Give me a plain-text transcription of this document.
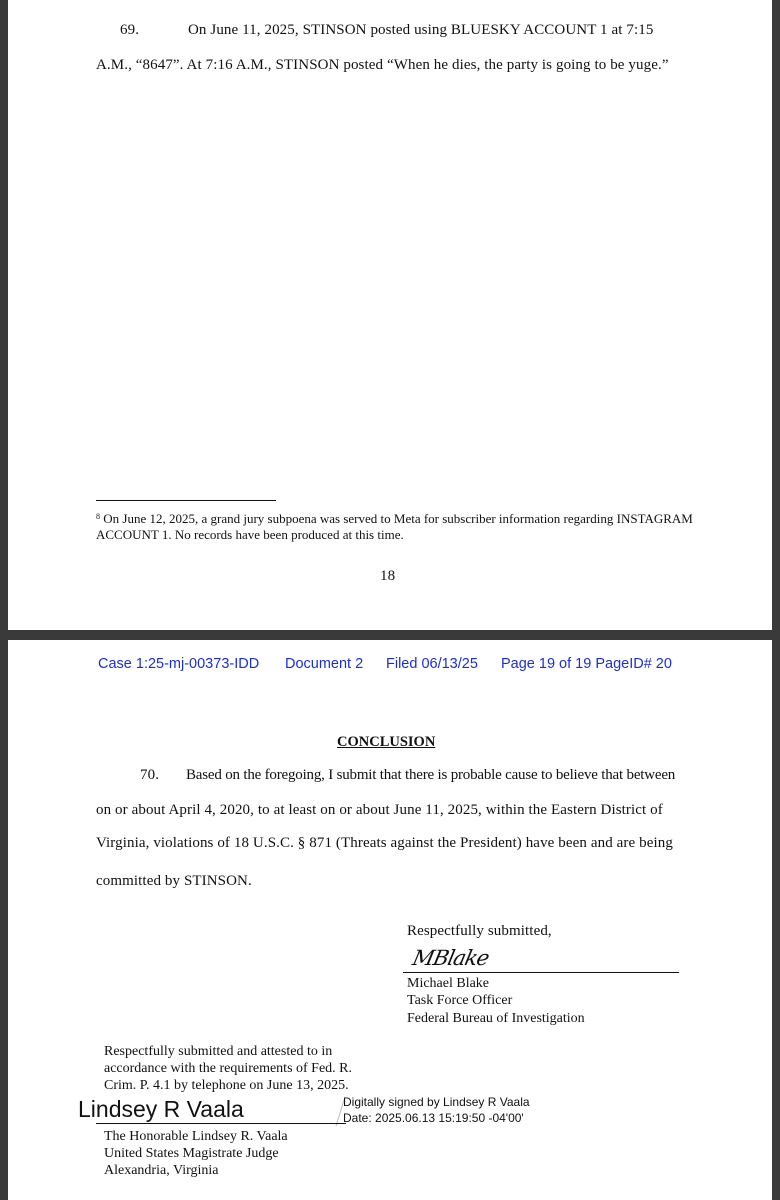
69.	On June 11, 2025, STINSON posted using BLUESKY ACCOUNT 1 at 7:15
A.M., “8647”. At 7:16 A.M., STINSON posted “When he dies, the party is going to be yuge.”
$^8$ On June 12, 2025, a grand jury subpoena was served to Meta for subscriber information regarding INSTAGRAM ACCOUNT 1. No records have been produced at this time.
18
Case 1:25-mj-00373-IDD Document 2 Filed 06/13/25 Page 19 of 19 PageID# 20
CONCLUSION
70. Based on the foregoing, I submit that there is probable cause to believe that between
on or about April 4, 2020, to at least on or about June 11, 2025, within the Eastern District of
Virginia, violations of 18 U.S.C. § 871 (Threats against the President) have been and are being
committed by STINSON.
Respectfully submitted,
MBlake
Michael Blake
Task Force Officer
Federal Bureau of Investigation
Respectfully submitted and attested to in accordance with the requirements of Fed. R. Crim. P. 4.1 by telephone on June 13, 2025.
Lindsey R Vaala	Digitally signed by Lindsey R Vaala
Date: 2025.06.13 15:19:50 -04'00'
The Honorable Lindsey R. Vaala
United States Magistrate Judge
Alexandria, Virginia
